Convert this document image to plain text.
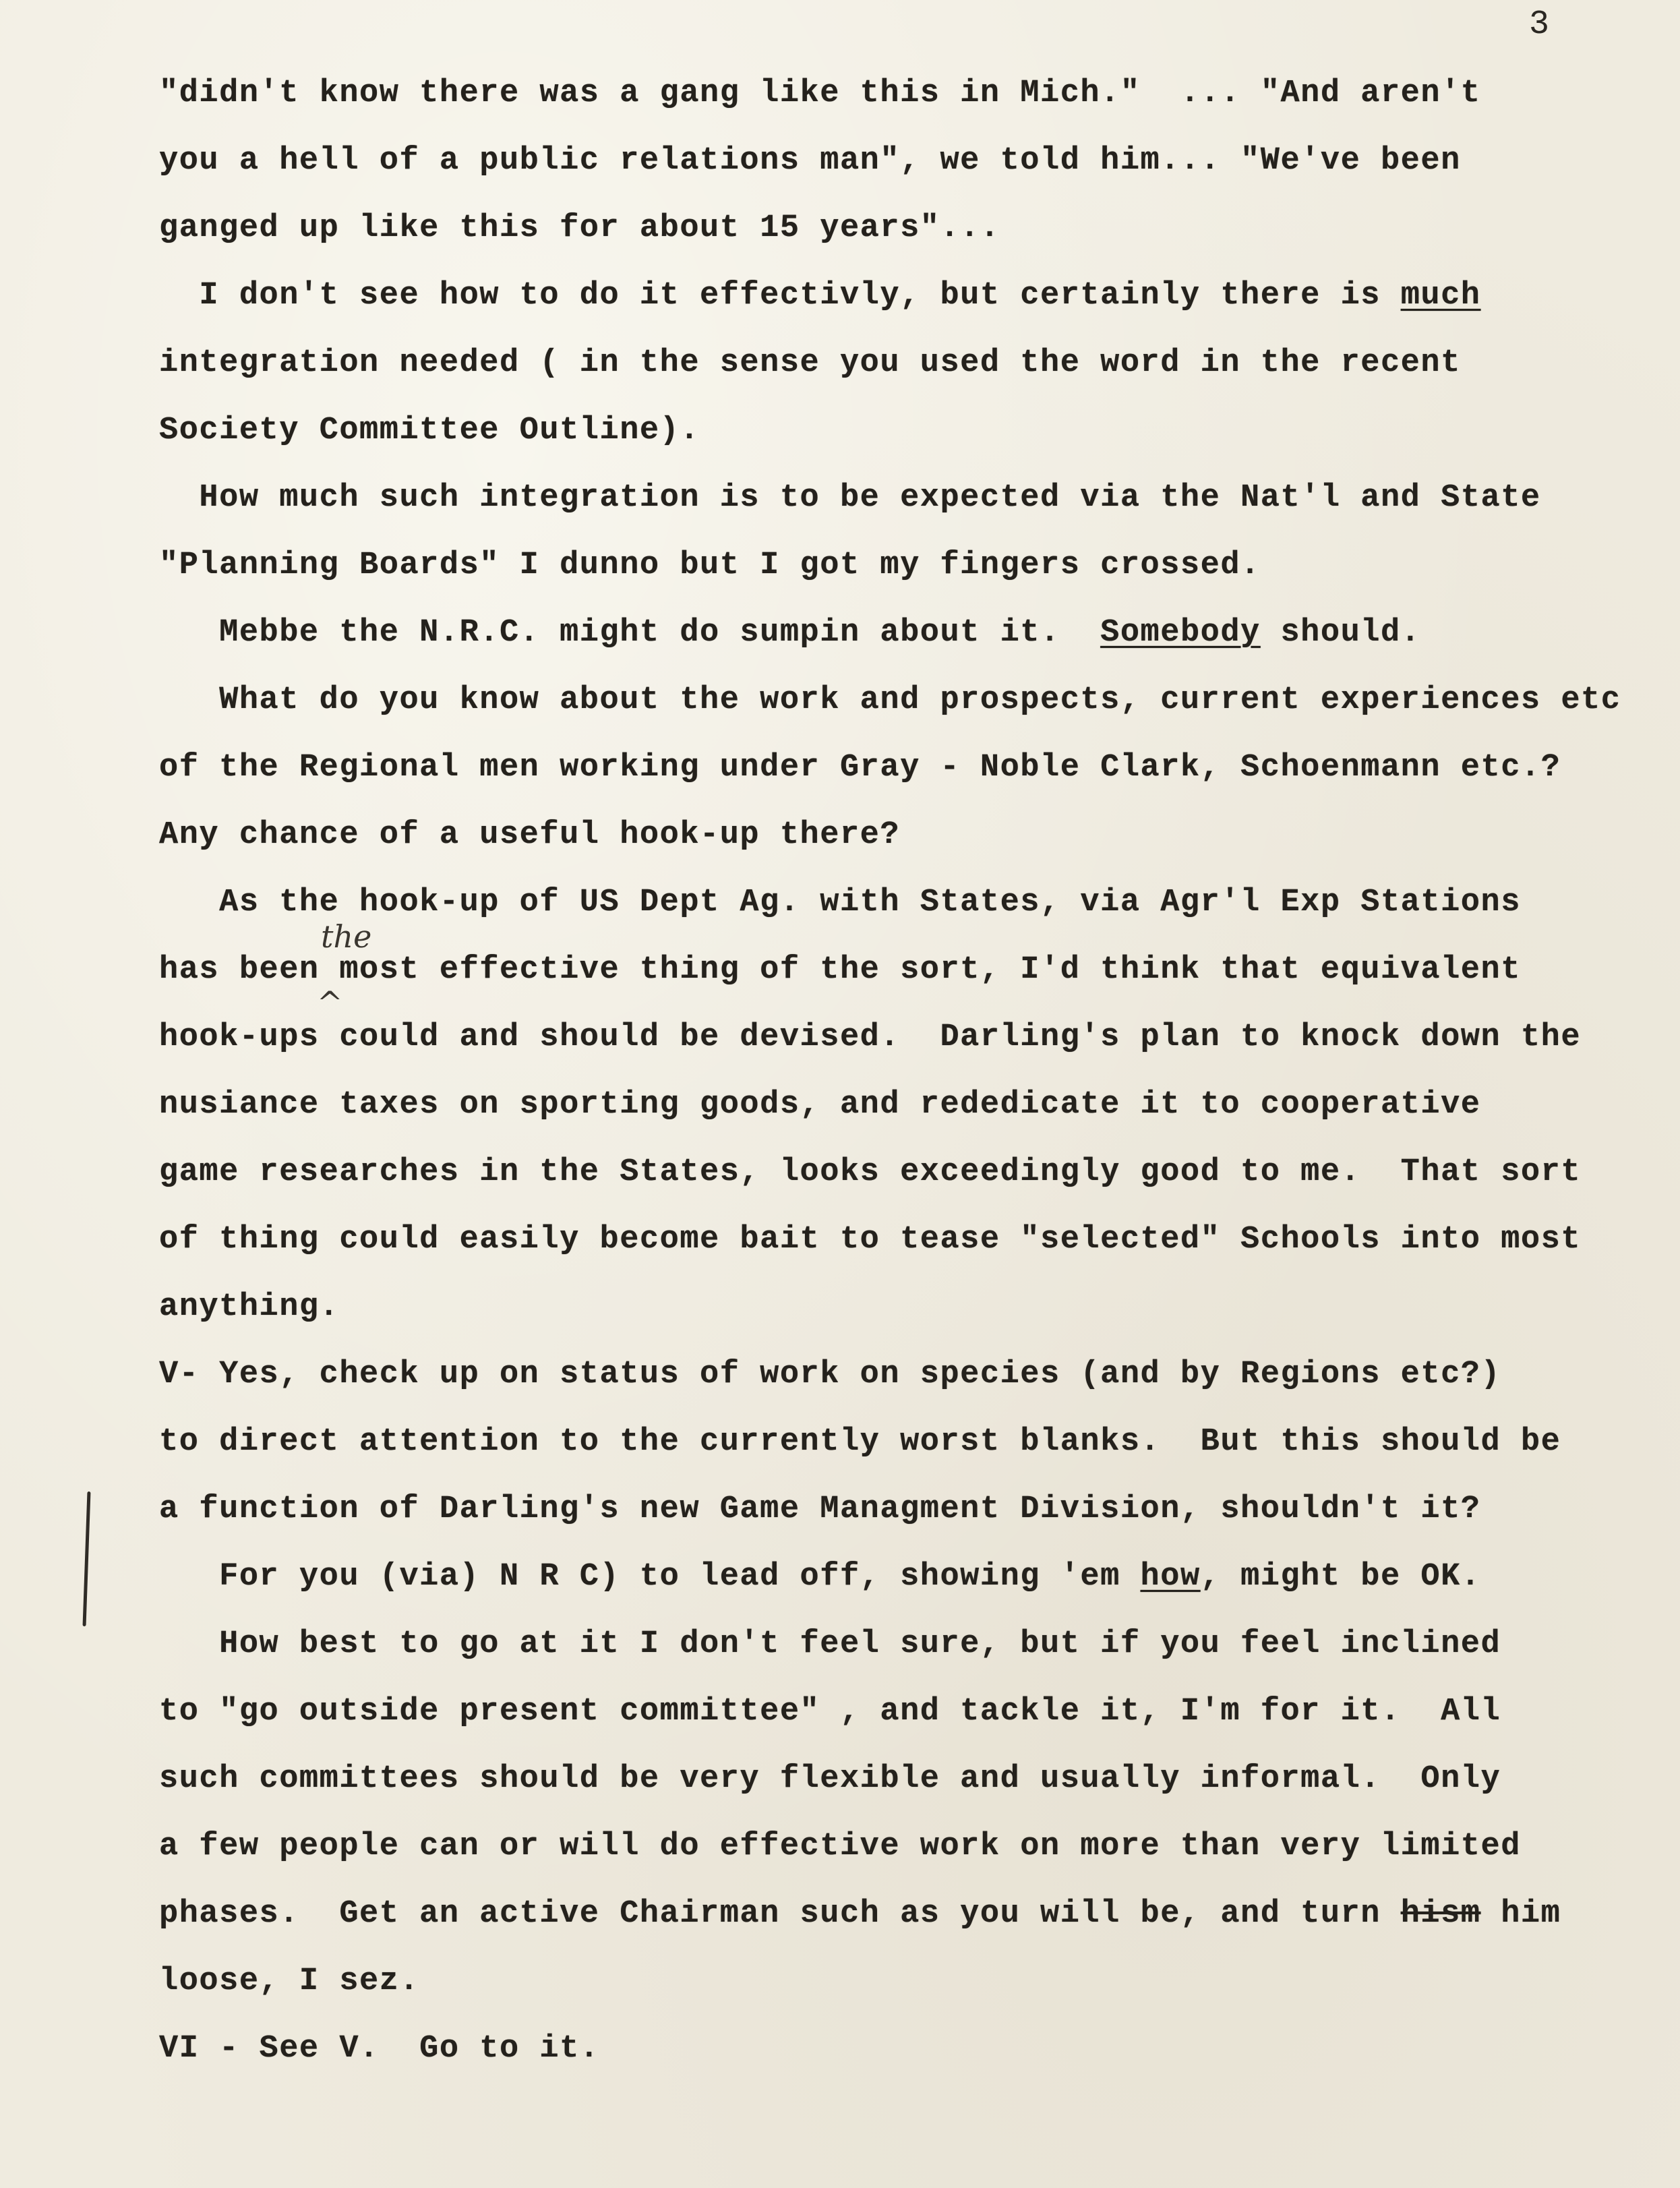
3
"didn't know there was a gang like this in Mich."  ... "And aren't
you a hell of a public relations man", we told him... "We've been
ganged up like this for about 15 years"...
I don't see how to do it effectivly, but certainly there is much
integration needed ( in the sense you used the word in the recent
Society Committee Outline).
How much such integration is to be expected via the Nat'l and State
"Planning Boards" I dunno but I got my fingers crossed.
Mebbe the N.R.C. might do sumpin about it.  Somebody should.
What do you know about the work and prospects, current experiences etc
of the Regional men working under Gray - Noble Clark, Schoenmann etc.?
Any chance of a useful hook-up there?
As the hook-up of US Dept Ag. with States, via Agr'l Exp Stations
the
has been most effective thing of the sort, I'd think that equivalent
^
hook-ups could and should be devised.  Darling's plan to knock down the
nusiance taxes on sporting goods, and rededicate it to cooperative
game researches in the States, looks exceedingly good to me.  That sort
of thing could easily become bait to tease "selected" Schools into most
anything.
V- Yes, check up on status of work on species (and by Regions etc?)
to direct attention to the currently worst blanks.  But this should be
a function of Darling's new Game Managment Division, shouldn't it?
For you (via) N R C) to lead off, showing 'em how, might be OK.
How best to go at it I don't feel sure, but if you feel inclined
to "go outside present committee" , and tackle it, I'm for it.  All
such committees should be very flexible and usually informal.  Only
a few people can or will do effective work on more than very limited
phases.  Get an active Chairman such as you will be, and turn hism him
loose, I sez.
VI - See V.  Go to it.
